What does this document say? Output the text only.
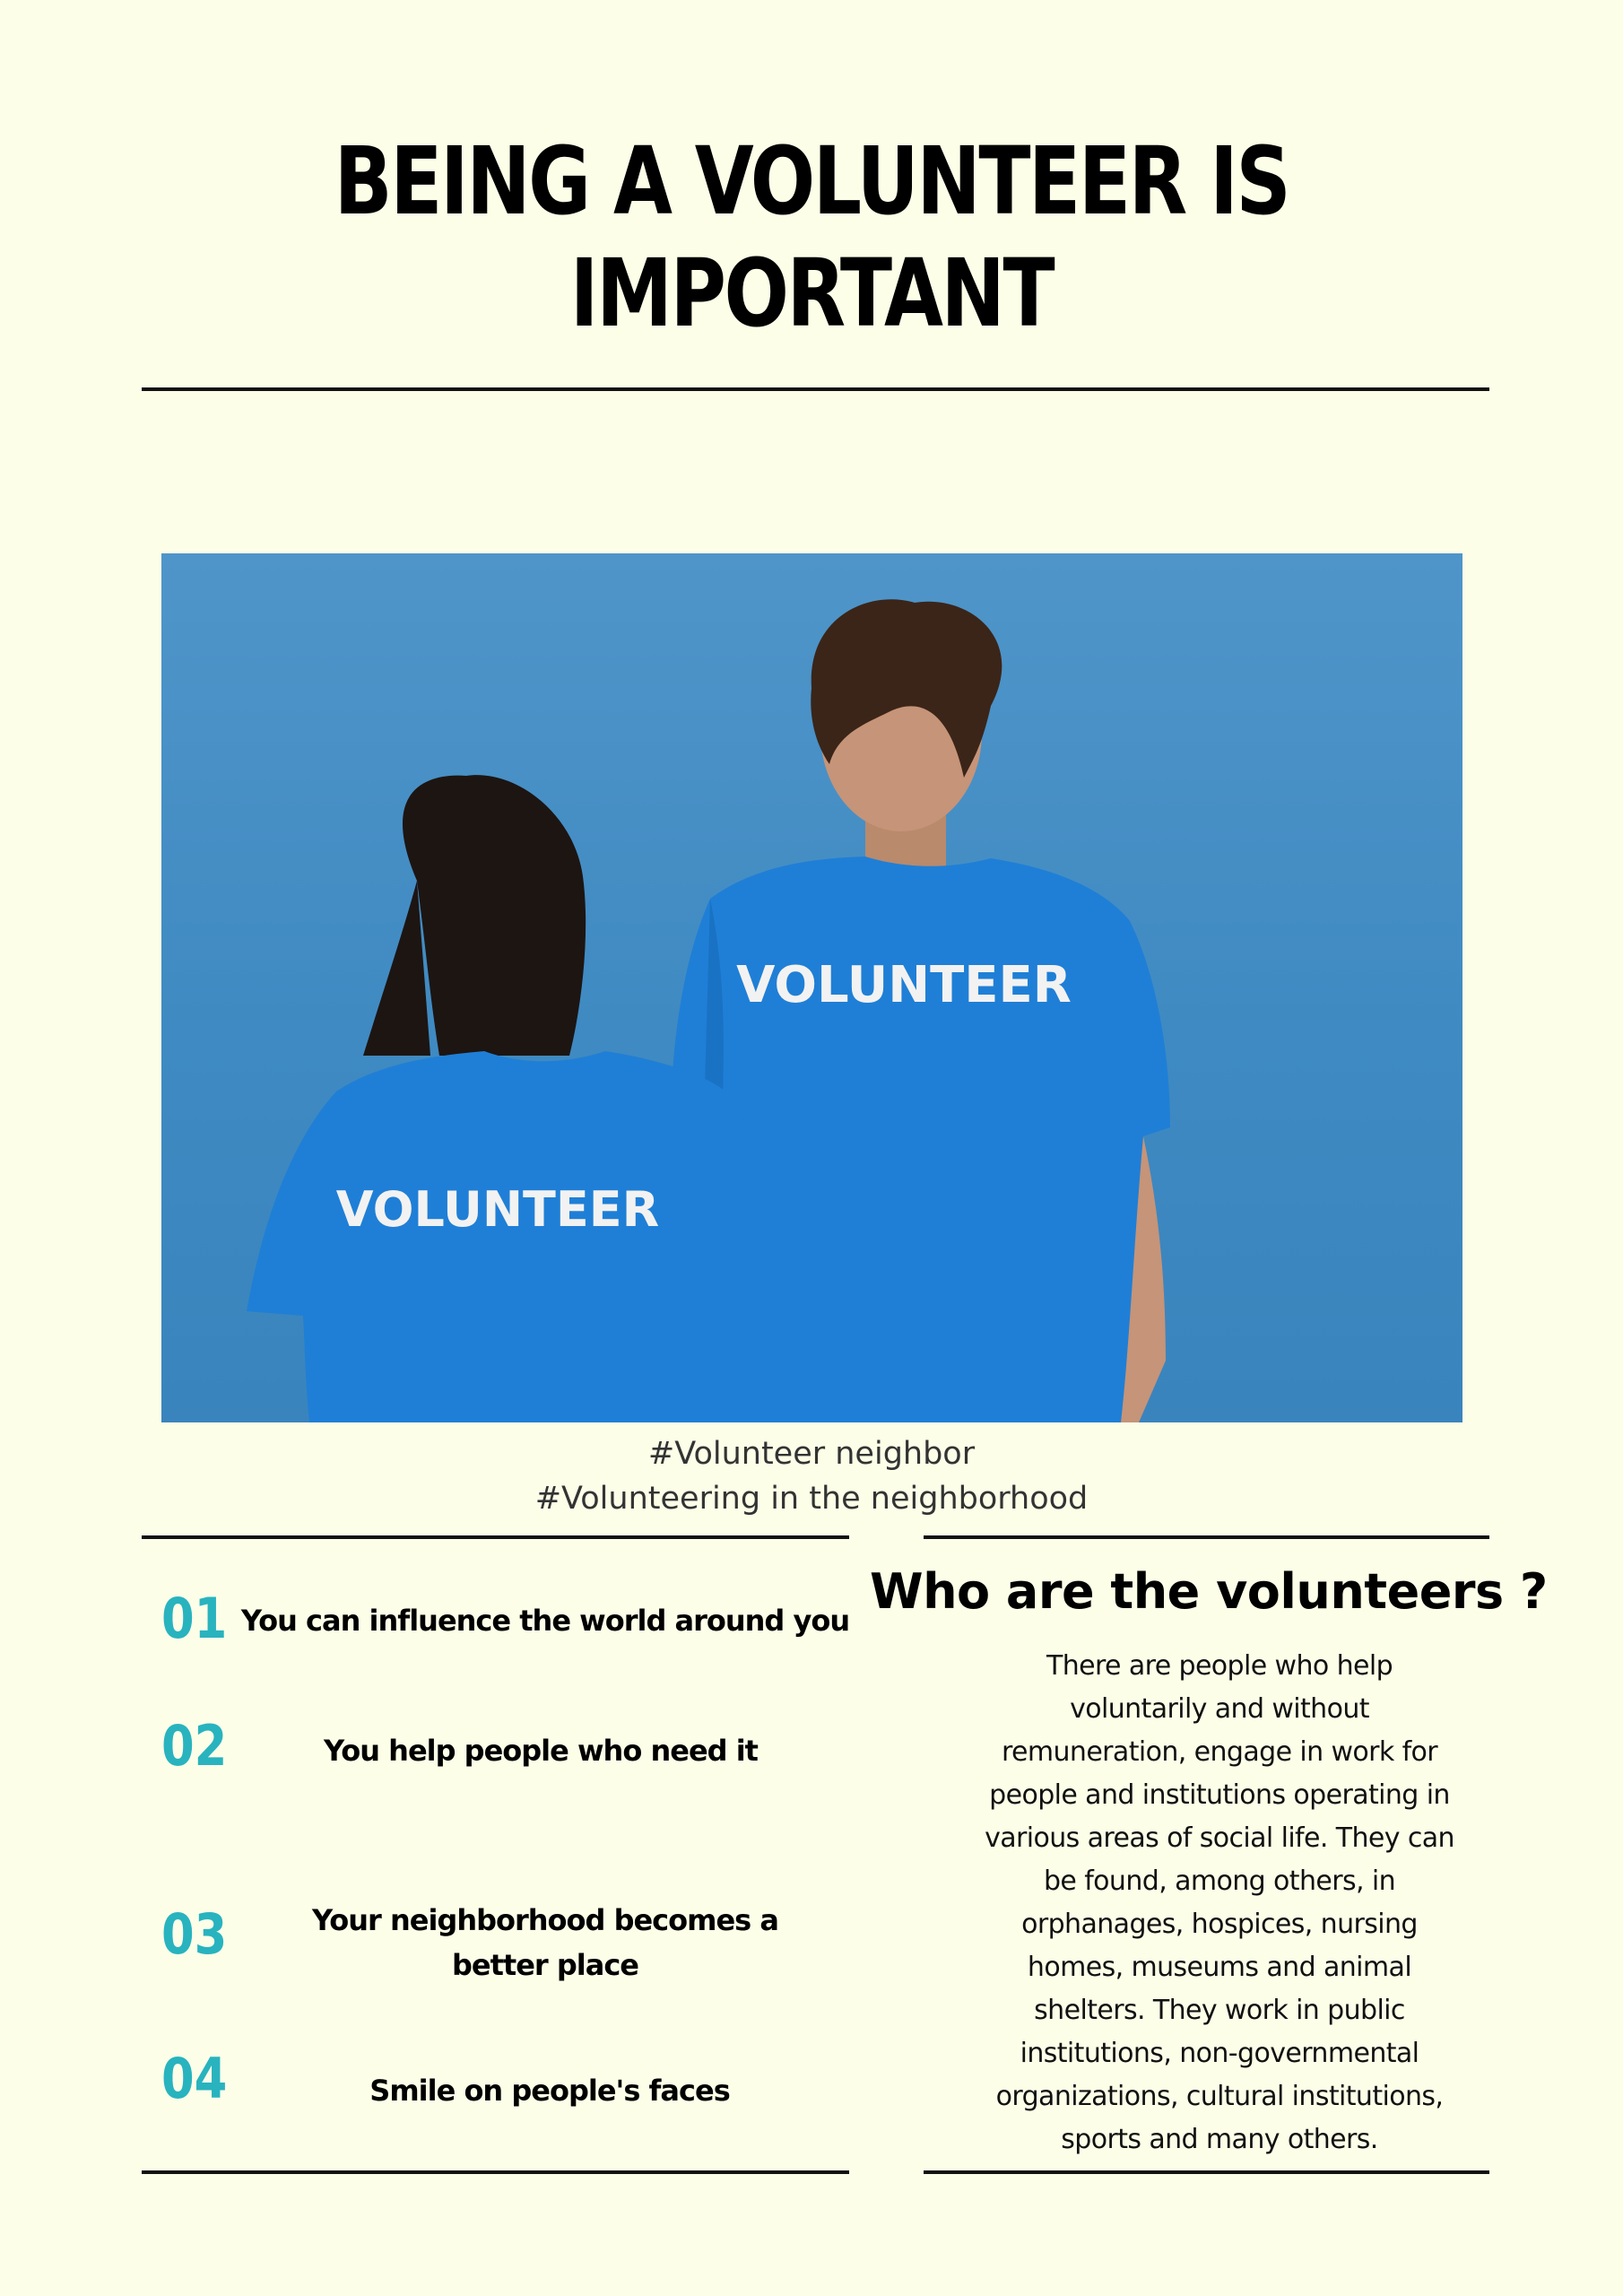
BEING A VOLUNTEER IS
IMPORTANT
VOLUNTEER
VOLUNTEER
#Volunteer neighbor
#Volunteering in the neighborhood
01 You can influence the world around you
02	You help people who need it
03	Your neighborhood becomes a
better place
04	Smile on people's faces
Who are the volunteers ?
There are people who help
voluntarily and without
remuneration, engage in work for
people and institutions operating in
various areas of social life. They can
be found, among others, in
orphanages, hospices, nursing
homes, museums and animal
shelters. They work in public
institutions, non-governmental
organizations, cultural institutions,
sports and many others.
